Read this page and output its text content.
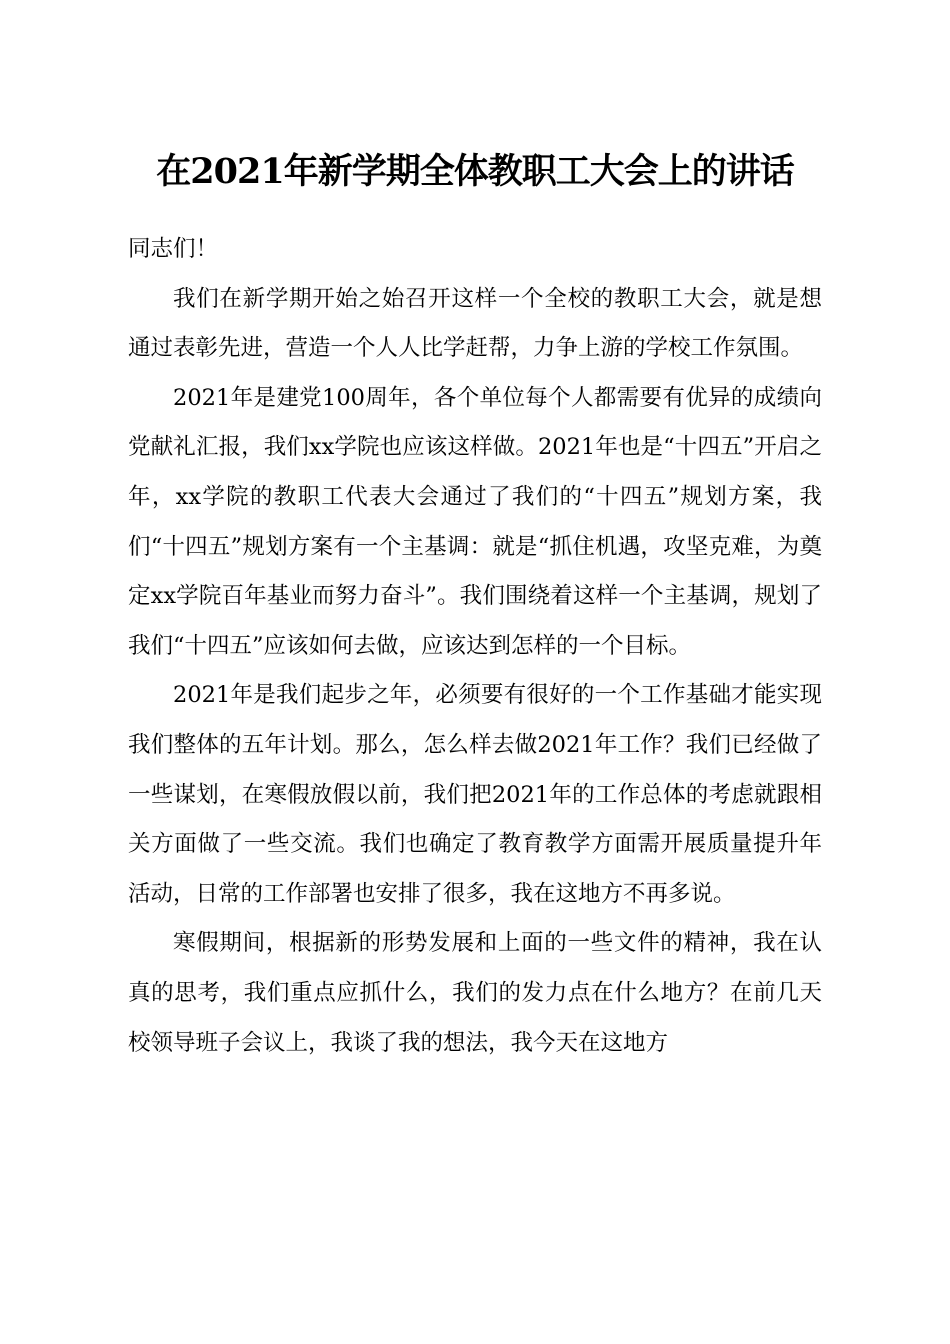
在2021年新学期全体教职工大会上的讲话

同志们！

我们在新学期开始之始召开这样一个全校的教职工大会，就是想通过表彰先进，营造一个人人比学赶帮，力争上游的学校工作氛围。

2021年是建党100周年，各个单位每个人都需要有优异的成绩向党献礼汇报，我们xx学院也应该这样做。2021年也是“十四五”开启之年，xx学院的教职工代表大会通过了我们的“十四五”规划方案，我们“十四五”规划方案有一个主基调：就是“抓住机遇，攻坚克难，为奠定xx学院百年基业而努力奋斗”。我们围绕着这样一个主基调，规划了我们“十四五”应该如何去做，应该达到怎样的一个目标。

2021年是我们起步之年，必须要有很好的一个工作基础才能实现我们整体的五年计划。那么，怎么样去做2021年工作？我们已经做了一些谋划，在寒假放假以前，我们把2021年的工作总体的考虑就跟相关方面做了一些交流。我们也确定了教育教学方面需开展质量提升年活动，日常的工作部署也安排了很多，我在这地方不再多说。

寒假期间，根据新的形势发展和上面的一些文件的精神，我在认真的思考，我们重点应抓什么，我们的发力点在什么地方？在前几天校领导班子会议上，我谈了我的想法，我今天在这地方
